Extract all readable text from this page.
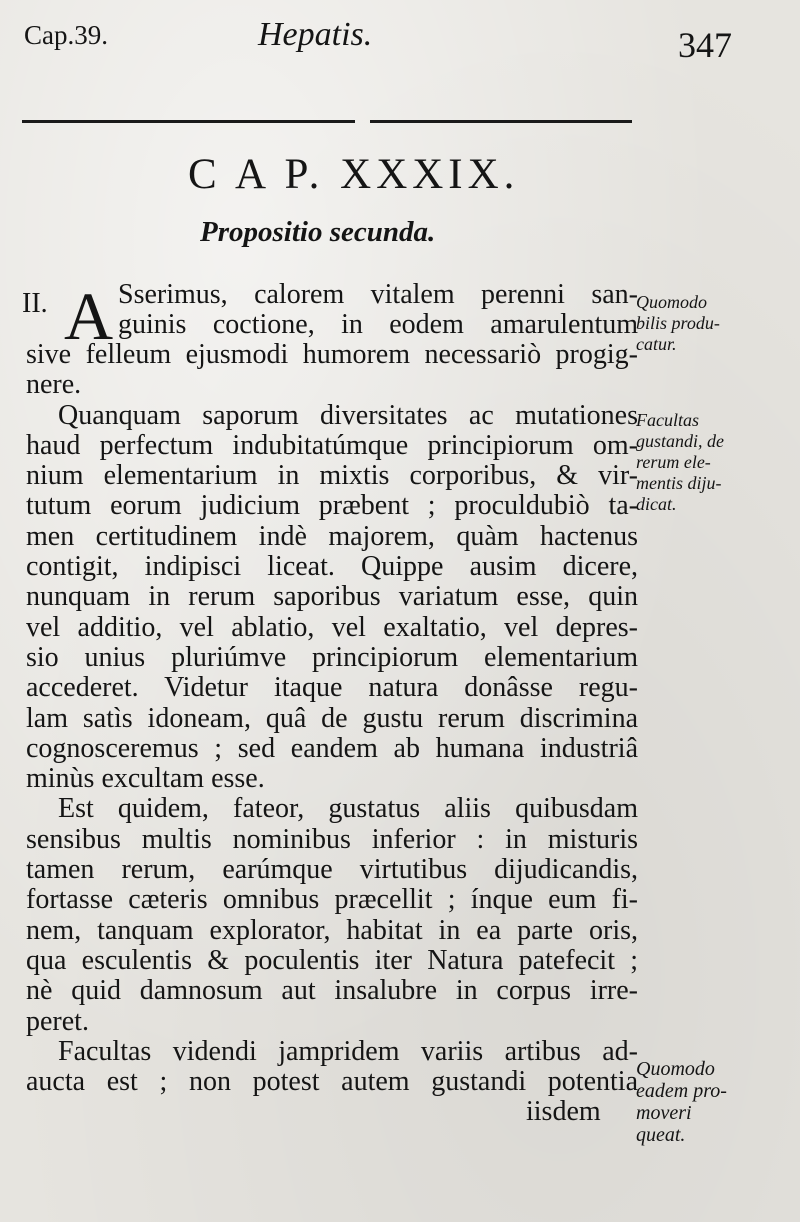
Cap.39.	Hepatis.	347
C A P. XXXIX.
Propositio secunda.
II. A Sserimus, calorem vitalem perenni san-
guinis coctione, in eodem amarulentum
sive felleum ejusmodi humorem necessariò progig-
nere.
Quanquam saporum diversitates ac mutationes
haud perfectum indubitatúmque principiorum om-
nium elementarium in mixtis corporibus, & vir-
tutum eorum judicium præbent ; proculdubiò ta-
men certitudinem indè majorem, quàm hactenus
contigit, indipisci liceat. Quippe ausim dicere,
nunquam in rerum saporibus variatum esse, quin
vel additio, vel ablatio, vel exaltatio, vel depres-
sio unius pluriúmve principiorum elementarium
accederet. Videtur itaque natura donâsse regu-
lam satìs idoneam, quâ de gustu rerum discrimina
cognosceremus ; sed eandem ab humana industriâ
minùs excultam esse.
Est quidem, fateor, gustatus aliis quibusdam
sensibus multis nominibus inferior : in misturis
tamen rerum, earúmque virtutibus dijudicandis,
fortasse cæteris omnibus præcellit ; ínque eum fi-
nem, tanquam explorator, habitat in ea parte oris,
qua esculentis & poculentis iter Natura patefecit ;
nè quid damnosum aut insalubre in corpus irre-
peret.
Facultas videndi jampridem variis artibus ad-
aucta est ; non potest autem gustandi potentia
iisdem
Quomodo
bilis produ-
catur.
Facultas
gustandi, de
rerum ele-
mentis diju-
dicat.
Quomodo
eadem pro-
moveri
queat.
